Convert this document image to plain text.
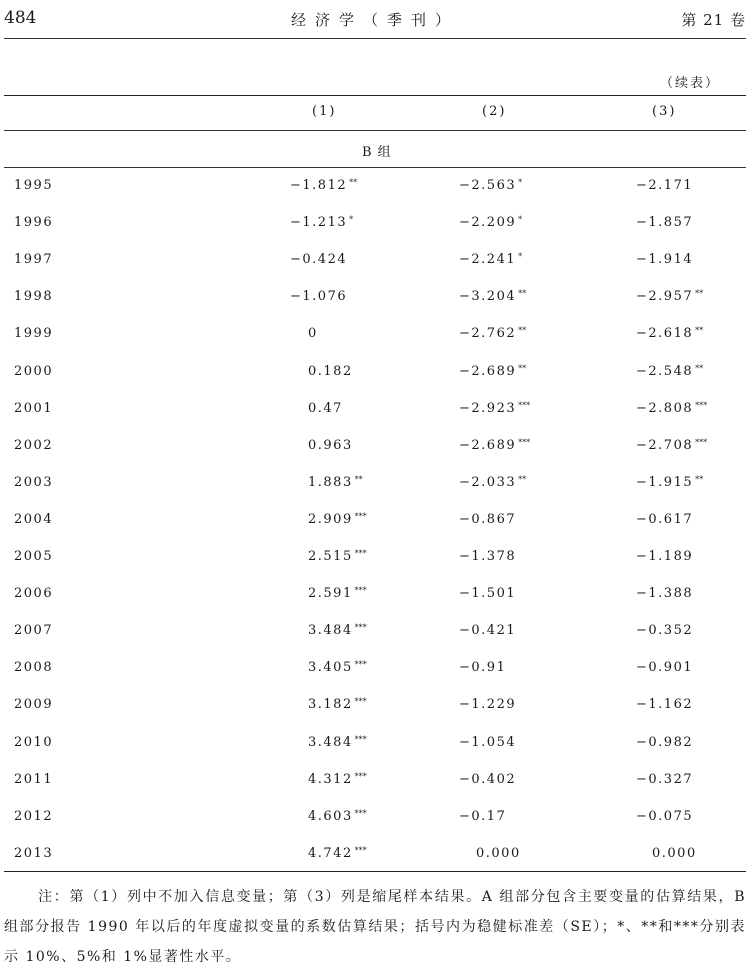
484	经济学（季刊）	第 21 卷
（续表）
(1)	(2)	(3)
B 组
1995	−1.812 **	−2.563 *	−2.171
1996	−1.213 *	−2.209 *	−1.857
1997	−0.424	−2.241 *	−1.914
1998	−1.076	−3.204 **	−2.957 **
1999	0	−2.762 **	−2.618 **
2000	0.182	−2.689 **	−2.548 **
2001	0.47	−2.923 ***	−2.808 ***
2002	0.963	−2.689 ***	−2.708 ***
2003	1.883 **	−2.033 **	−1.915 **
2004	2.909 ***	−0.867	−0.617
2005	2.515 ***	−1.378	−1.189
2006	2.591 ***	−1.501	−1.388
2007	3.484 ***	−0.421	−0.352
2008	3.405 ***	−0.91	−0.901
2009	3.182 ***	−1.229	−1.162
2010	3.484 ***	−1.054	−0.982
2011	4.312 ***	−0.402	−0.327
2012	4.603 ***	−0.17	−0.075
2013	4.742 ***	0.000	0.000
注：第（1）列中不加入信息变量；第（3）列是缩尾样本结果。A 组部分包含主要变量的估算结果，B 组部分报告 1990 年以后的年度虚拟变量的系数估算结果；括号内为稳健标准差（SE）；*、**和***分别表示 10%、5%和 1%显著性水平。
